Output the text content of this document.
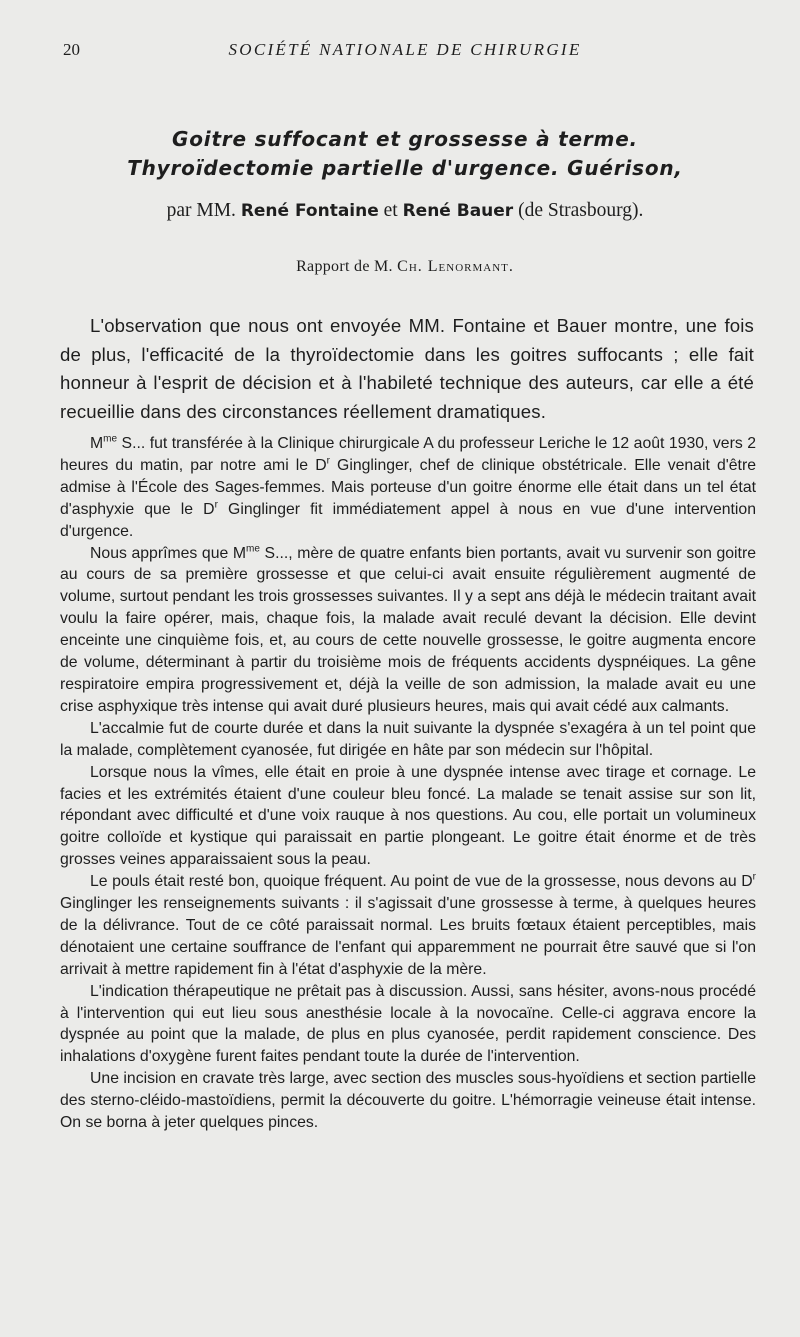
20	SOCIÉTÉ NATIONALE DE CHIRURGIE
Goitre suffocant et grossesse à terme.
Thyroïdectomie partielle d'urgence. Guérison,
par MM. René Fontaine et René Bauer (de Strasbourg).
Rapport de M. Ch. Lenormant.

L'observation que nous ont envoyée MM. Fontaine et Bauer montre, une fois de plus, l'efficacité de la thyroïdectomie dans les goitres suffocants ; elle fait honneur à l'esprit de décision et à l'habileté technique des auteurs, car elle a été recueillie dans des circonstances réellement dramatiques.

$M^{me}$ S... fut transférée à la Clinique chirurgicale A du professeur Leriche le 12 août 1930, vers 2 heures du matin, par notre ami le $D^r$ Ginglinger, chef de clinique obstétricale. Elle venait d'être admise à l'École des Sages-femmes. Mais porteuse d'un goitre énorme elle était dans un tel état d'asphyxie que le $D^r$ Ginglinger fit immédiatement appel à nous en vue d'une intervention d'urgence.

Nous apprîmes que $M^{me}$ S..., mère de quatre enfants bien portants, avait vu survenir son goitre au cours de sa première grossesse et que celui-ci avait ensuite régulièrement augmenté de volume, surtout pendant les trois grossesses suivantes. Il y a sept ans déjà le médecin traitant avait voulu la faire opérer, mais, chaque fois, la malade avait reculé devant la décision. Elle devint enceinte une cinquième fois, et, au cours de cette nouvelle grossesse, le goitre augmenta encore de volume, déterminant à partir du troisième mois de fréquents accidents dyspnéiques. La gêne respiratoire empira progressivement et, déjà la veille de son admission, la malade avait eu une crise asphyxique très intense qui avait duré plusieurs heures, mais qui avait cédé aux calmants.

L'accalmie fut de courte durée et dans la nuit suivante la dyspnée s'exagéra à un tel point que la malade, complètement cyanosée, fut dirigée en hâte par son médecin sur l'hôpital.

Lorsque nous la vîmes, elle était en proie à une dyspnée intense avec tirage et cornage. Le facies et les extrémités étaient d'une couleur bleu foncé. La malade se tenait assise sur son lit, répondant avec difficulté et d'une voix rauque à nos questions. Au cou, elle portait un volumineux goitre colloïde et kystique qui paraissait en partie plongeant. Le goitre était énorme et de très grosses veines apparaissaient sous la peau.

Le pouls était resté bon, quoique fréquent. Au point de vue de la grossesse, nous devons au $D^r$ Ginglinger les renseignements suivants : il s'agissait d'une grossesse à terme, à quelques heures de la délivrance. Tout de ce côté paraissait normal. Les bruits fœtaux étaient perceptibles, mais dénotaient une certaine souffrance de l'enfant qui apparemment ne pourrait être sauvé que si l'on arrivait à mettre rapidement fin à l'état d'asphyxie de la mère.

L'indication thérapeutique ne prêtait pas à discussion. Aussi, sans hésiter, avons-nous procédé à l'intervention qui eut lieu sous anesthésie locale à la novocaïne. Celle-ci aggrava encore la dyspnée au point que la malade, de plus en plus cyanosée, perdit rapidement conscience. Des inhalations d'oxygène furent faites pendant toute la durée de l'intervention.

Une incision en cravate très large, avec section des muscles sous-hyoïdiens et section partielle des sterno-cléido-mastoïdiens, permit la découverte du goitre. L'hémorragie veineuse était intense. On se borna à jeter quelques pinces.
